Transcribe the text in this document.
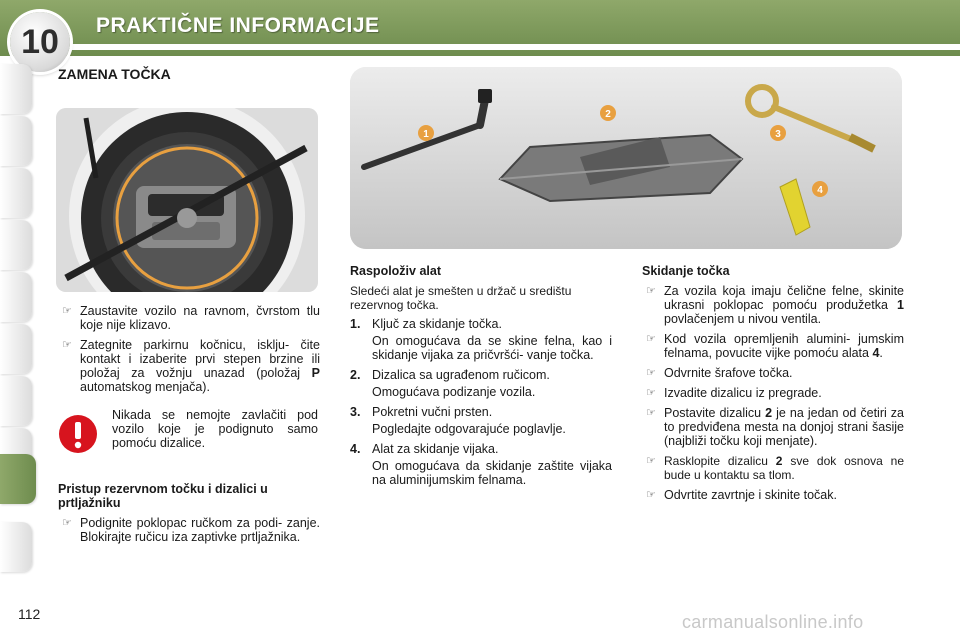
10	PRAKTIČNE INFORMACIJE
ZAMENA TOČKA
1
2
3
4
☞ Zaustavite vozilo na ravnom, čvrstom tlu koje nije klizavo.
☞ Zategnite parkirnu kočnicu, isklju- čite kontakt i izaberite prvi stepen brzine ili položaj za vožnju unazad (položaj P automatskog menjača).
Nikada se nemojte zavlačiti pod vozilo koje je podignuto samo pomoću dizalice.
Pristup rezervnom točku i dizalici u prtljažniku
☞ Podignite poklopac ručkom za podi- zanje. Blokirajte ručicu iza zaptivke prtljažnika.
Raspoloživ alat
Sledeći alat je smešten u držač u središtu rezervnog točka.
1. Ključ za skidanje točka.
On omogućava da se skine felna, kao i skidanje vijaka za pričvršći- vanje točka.
2. Dizalica sa ugrađenom ručicom.
Omogućava podizanje vozila.
3. Pokretni vučni prsten.
Pogledajte odgovarajuće poglavlje.
4. Alat za skidanje vijaka.
On omogućava da skidanje zaštite vijaka na aluminijumskim felnama.
Skidanje točka
☞ Za vozila koja imaju čelične felne, skinite ukrasni poklopac pomoću produžetka 1 povlačenjem u nivou ventila.
☞ Kod vozila opremljenih alumini- jumskim felnama, povucite vijke pomoću alata 4.
☞ Odvrnite šrafove točka.
☞ Izvadite dizalicu iz pregrade.
☞ Postavite dizalicu 2 je na jedan od četiri za to predviđena mesta na donjoj strani šasije (najbliži točku koji menjate).
☞ Rasklopite dizalicu 2 sve dok osnova ne bude u kontaktu sa tlom.
☞ Odvrtite zavrtnje i skinite točak.
112	carmanualsonline.info
